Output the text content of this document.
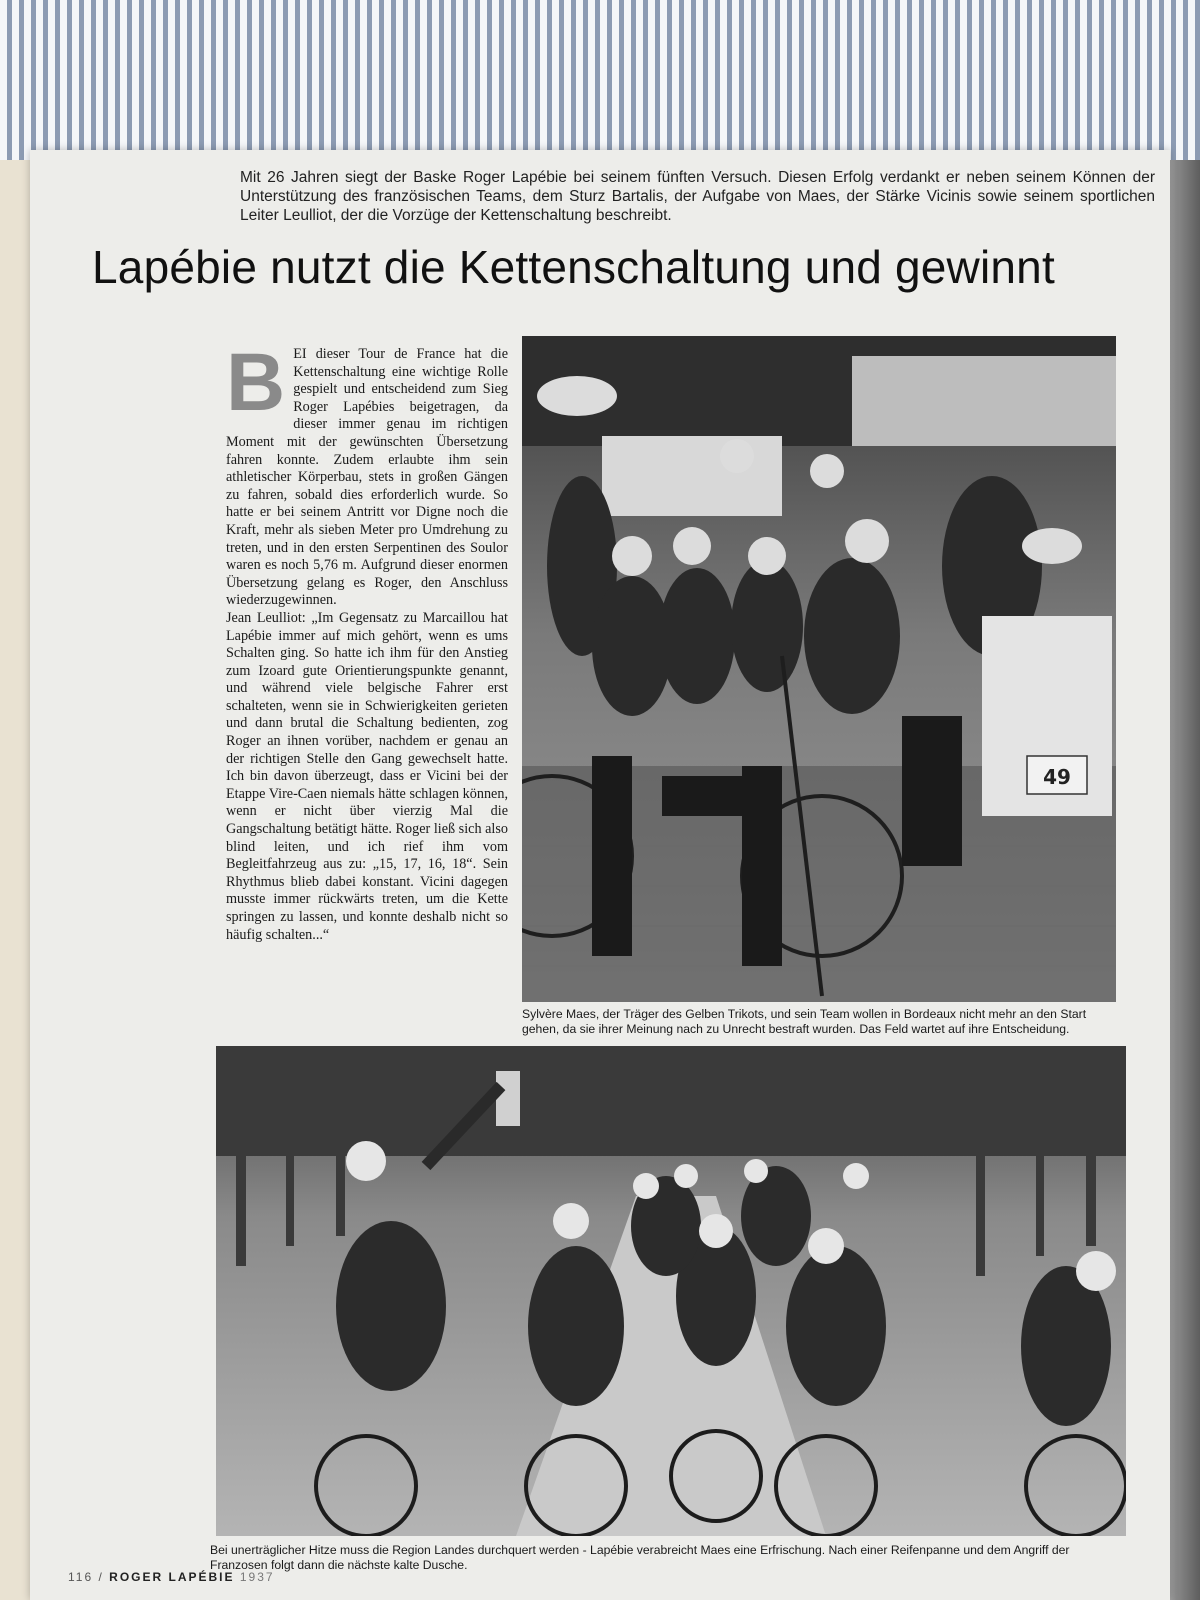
Mit 26 Jahren siegt der Baske Roger Lapébie bei seinem fünften Versuch. Diesen Erfolg verdankt er neben seinem Können der Unterstützung des französischen Teams, dem Sturz Bartalis, der Aufgabe von Maes, der Stärke Vicinis sowie seinem sportlichen Leiter Leulliot, der die Vorzüge der Kettenschaltung beschreibt.
Lapébie nutzt die Kettenschaltung und gewinnt
B EI dieser Tour de France hat die Kettenschaltung eine wichtige Rolle gespielt und entscheidend zum Sieg Roger Lapébies beigetragen, da dieser immer genau im richtigen Moment mit der gewünschten Übersetzung fahren konnte. Zudem erlaubte ihm sein athletischer Körperbau, stets in großen Gängen zu fahren, sobald dies erforderlich wurde. So hatte er bei seinem Antritt vor Digne noch die Kraft, mehr als sieben Meter pro Umdrehung zu treten, und in den ersten Serpentinen des Soulor waren es noch 5,76 m. Aufgrund dieser enormen Übersetzung gelang es Roger, den Anschluss wiederzugewinnen.

Jean Leulliot: „Im Gegensatz zu Marcaillou hat Lapébie immer auf mich gehört, wenn es ums Schalten ging. So hatte ich ihm für den Anstieg zum Izoard gute Orientierungspunkte genannt, und während viele belgische Fahrer erst schalteten, wenn sie in Schwierigkeiten gerieten und dann brutal die Schaltung bedienten, zog Roger an ihnen vorüber, nachdem er genau an der richtigen Stelle den Gang gewechselt hatte. Ich bin davon überzeugt, dass er Vicini bei der Etappe Vire-Caen niemals hätte schlagen können, wenn er nicht über vierzig Mal die Gangschaltung betätigt hätte. Roger ließ sich also blind leiten, und ich rief ihm vom Begleitfahrzeug aus zu: „15, 17, 16, 18“. Sein Rhythmus blieb dabei konstant. Vicini dagegen musste immer rückwärts treten, um die Kette springen zu lassen, und konnte deshalb nicht so häufig schalten...“

49
Sylvère Maes, der Träger des Gelben Trikots, und sein Team wollen in Bordeaux nicht mehr an den Start gehen, da sie ihrer Meinung nach zu Unrecht bestraft wurden. Das Feld wartet auf ihre Entscheidung.
Bei unerträglicher Hitze muss die Region Landes durchquert werden - Lapébie verabreicht Maes eine Erfrischung. Nach einer Reifenpanne und dem Angriff der Franzosen folgt dann die nächste kalte Dusche.
116 / ROGER LAPÉBIE 1937
